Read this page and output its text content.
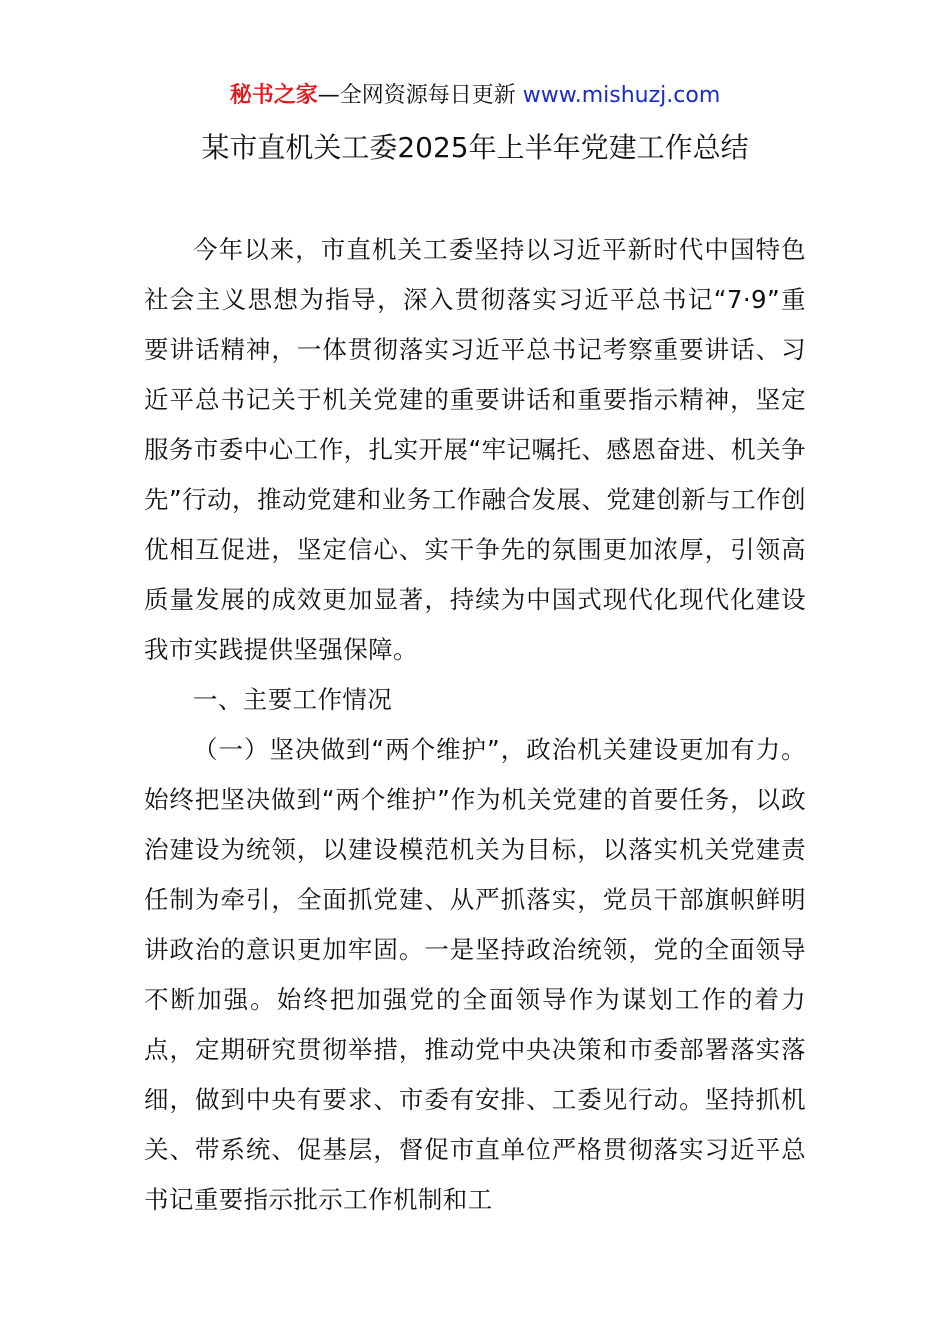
秘书之家—全网资源每日更新 www.mishuzj.com
某市直机关工委2025年上半年党建工作总结

今年以来，市直机关工委坚持以习近平新时代中国特色社会主义思想为指导，深入贯彻落实习近平总书记“7·9”重要讲话精神，一体贯彻落实习近平总书记考察重要讲话、习近平总书记关于机关党建的重要讲话和重要指示精神，坚定服务市委中心工作，扎实开展“牢记嘱托、感恩奋进、机关争先”行动，推动党建和业务工作融合发展、党建创新与工作创优相互促进，坚定信心、实干争先的氛围更加浓厚，引领高质量发展的成效更加显著，持续为中国式现代化现代化建设我市实践提供坚强保障。

一、主要工作情况

（一）坚决做到“两个维护”，政治机关建设更加有力。始终把坚决做到“两个维护”作为机关党建的首要任务，以政治建设为统领，以建设模范机关为目标，以落实机关党建责任制为牵引，全面抓党建、从严抓落实，党员干部旗帜鲜明讲政治的意识更加牢固。一是坚持政治统领，党的全面领导不断加强。始终把加强党的全面领导作为谋划工作的着力点，定期研究贯彻举措，推动党中央决策和市委部署落实落细，做到中央有要求、市委有安排、工委见行动。坚持抓机关、带系统、促基层，督促市直单位严格贯彻落实习近平总书记重要指示批示工作机制和工
